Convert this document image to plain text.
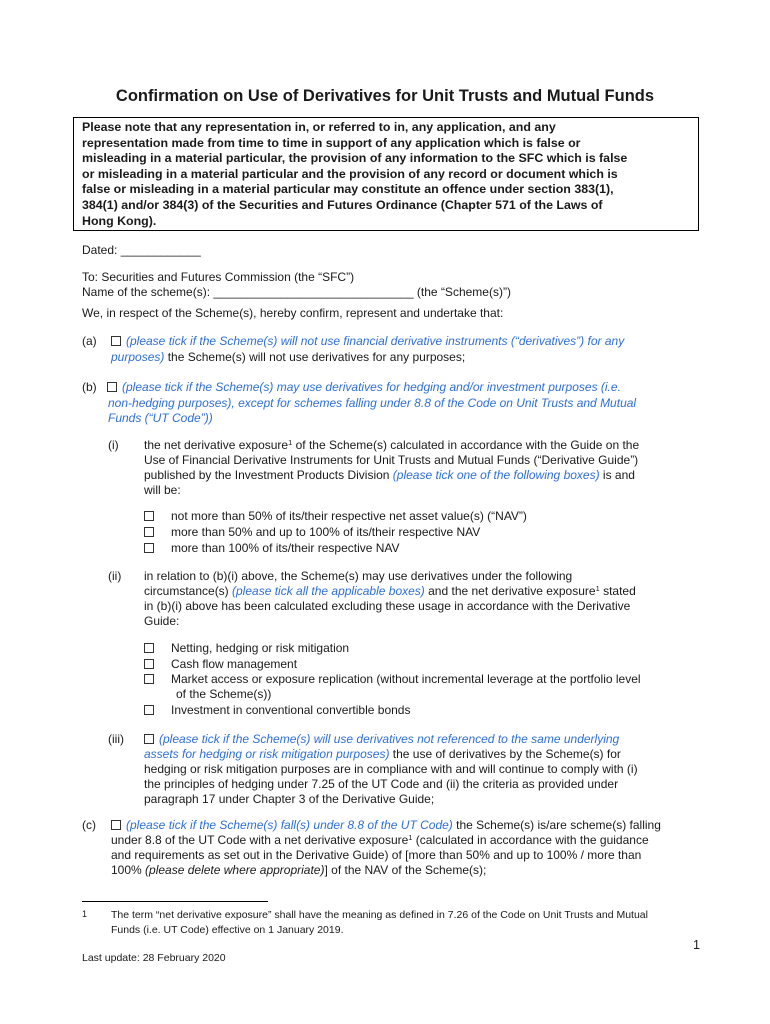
Confirmation on Use of Derivatives for Unit Trusts and Mutual Funds
Please note that any representation in, or referred to in, any application, and any
representation made from time to time in support of any application which is false or
misleading in a material particular, the provision of any information to the SFC which is false
or misleading in a material particular and the provision of any record or document which is
false or misleading in a material particular may constitute an offence under section 383(1),
384(1) and/or 384(3) of the Securities and Futures Ordinance (Chapter 571 of the Laws of
Hong Kong).
Dated: ____________
To: Securities and Futures Commission (the “SFC”)
Name of the scheme(s): ______________________________ (the “Scheme(s)”)
We, in respect of the Scheme(s), hereby confirm, represent and undertake that:
(a)	(please tick if the Scheme(s) will not use financial derivative instruments (“derivatives”) for any
purposes) the Scheme(s) will not use derivatives for any purposes;
(b)	(please tick if the Scheme(s) may use derivatives for hedging and/or investment purposes (i.e.
non-hedging purposes), except for schemes falling under 8.8 of the Code on Unit Trusts and Mutual
Funds (“UT Code”))
(i)	the net derivative exposure$^1$ of the Scheme(s) calculated in accordance with the Guide on the
Use of Financial Derivative Instruments for Unit Trusts and Mutual Funds (“Derivative Guide”)
published by the Investment Products Division (please tick one of the following boxes) is and
will be:
not more than 50% of its/their respective net asset value(s) (“NAV”)
more than 50% and up to 100% of its/their respective NAV
more than 100% of its/their respective NAV
(ii)	in relation to (b)(i) above, the Scheme(s) may use derivatives under the following
circumstance(s) (please tick all the applicable boxes) and the net derivative exposure$^1$ stated
in (b)(i) above has been calculated excluding these usage in accordance with the Derivative
Guide:
Netting, hedging or risk mitigation
Cash flow management
Market access or exposure replication (without incremental leverage at the portfolio level
of the Scheme(s))
Investment in conventional convertible bonds
(iii)	(please tick if the Scheme(s) will use derivatives not referenced to the same underlying
assets for hedging or risk mitigation purposes) the use of derivatives by the Scheme(s) for
hedging or risk mitigation purposes are in compliance with and will continue to comply with (i)
the principles of hedging under 7.25 of the UT Code and (ii) the criteria as provided under
paragraph 17 under Chapter 3 of the Derivative Guide;
(c)	(please tick if the Scheme(s) fall(s) under 8.8 of the UT Code) the Scheme(s) is/are scheme(s) falling
under 8.8 of the UT Code with a net derivative exposure$^1$ (calculated in accordance with the guidance
and requirements as set out in the Derivative Guide) of [more than 50% and up to 100% / more than
100% (please delete where appropriate)] of the NAV of the Scheme(s);
1 The term “net derivative exposure” shall have the meaning as defined in 7.26 of the Code on Unit Trusts and Mutual
Funds (i.e. UT Code) effective on 1 January 2019.
1
Last update: 28 February 2020
